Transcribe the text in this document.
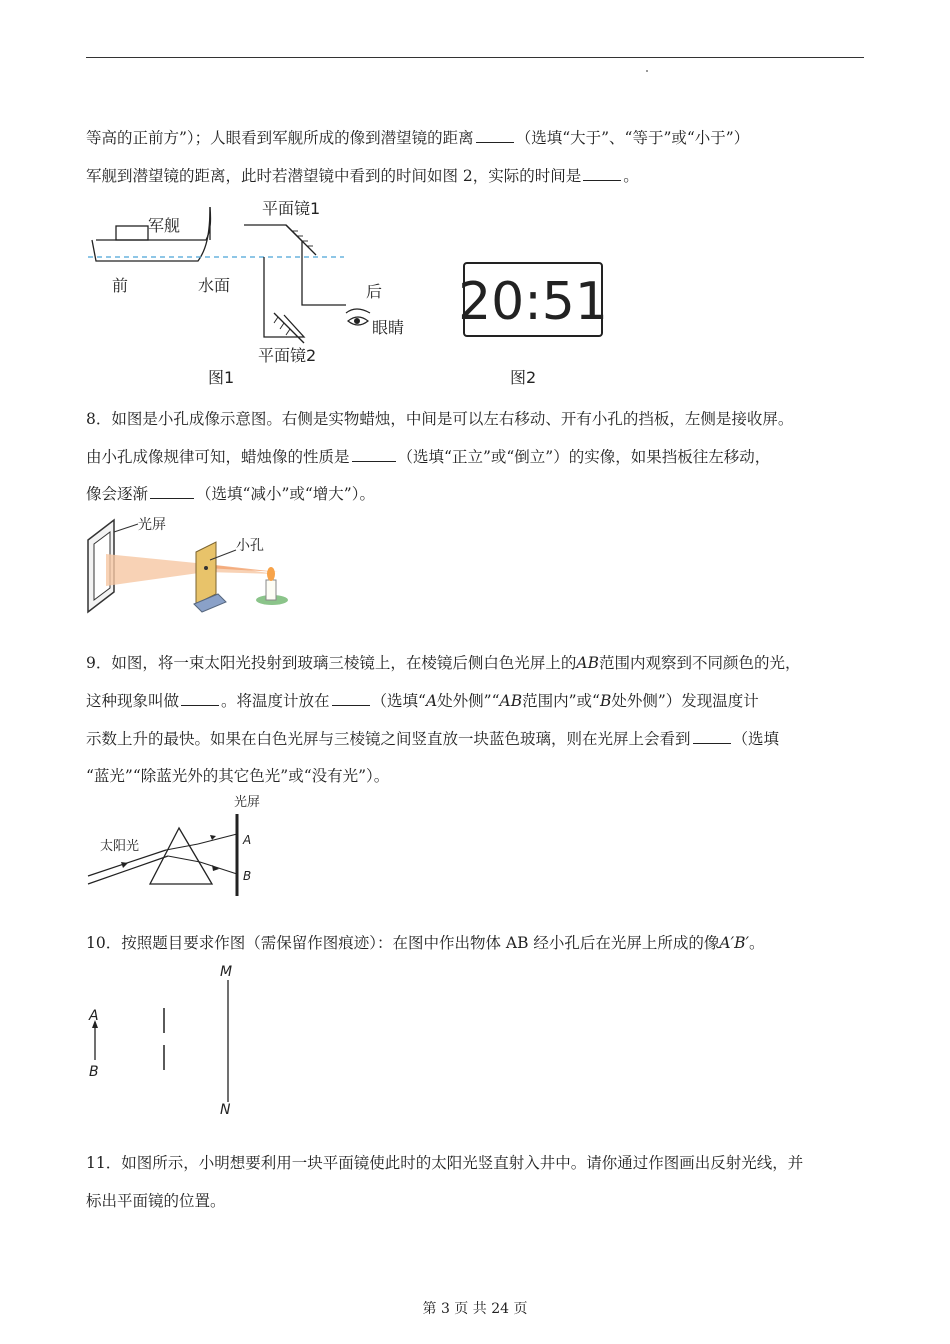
等高的正前方”）；人眼看到军舰所成的像到潜望镜的距离	（选填“大于”、“等于”或“小于”）
军舰到潜望镜的距离，此时若潜望镜中看到的时间如图 2，实际的时间是	。
军舰
前	水面
平面镜1
后
眼睛
平面镜2
图1
20:51
图2
8．如图是小孔成像示意图。右侧是实物蜡烛，中间是可以左右移动、开有小孔的挡板，左侧是接收屏。
由小孔成像规律可知，蜡烛像的性质是	（选填“正立”或“倒立”）的实像，如果挡板往左移动，
像会逐渐	（选填“减小”或“增大”）。
光屏
小孔
9．如图，将一束太阳光投射到玻璃三棱镜上，在棱镜后侧白色光屏上的AB范围内观察到不同颜色的光，
这种现象叫做	。将温度计放在	（选填“A处外侧”“AB范围内”或“B处外侧”）发现温度计
示数上升的最快。如果在白色光屏与三棱镜之间竖直放一块蓝色玻璃，则在光屏上会看到	（选填
“蓝光”“除蓝光外的其它色光”或“没有光”）。
光屏
太阳光	A
B
10．按照题目要求作图（需保留作图痕迹）：在图中作出物体 AB 经小孔后在光屏上所成的像A′B′。
A
B
M
N
11．如图所示，小明想要利用一块平面镜使此时的太阳光竖直射入井中。请你通过作图画出反射光线，并
标出平面镜的位置。
第 3 页 共 24 页
